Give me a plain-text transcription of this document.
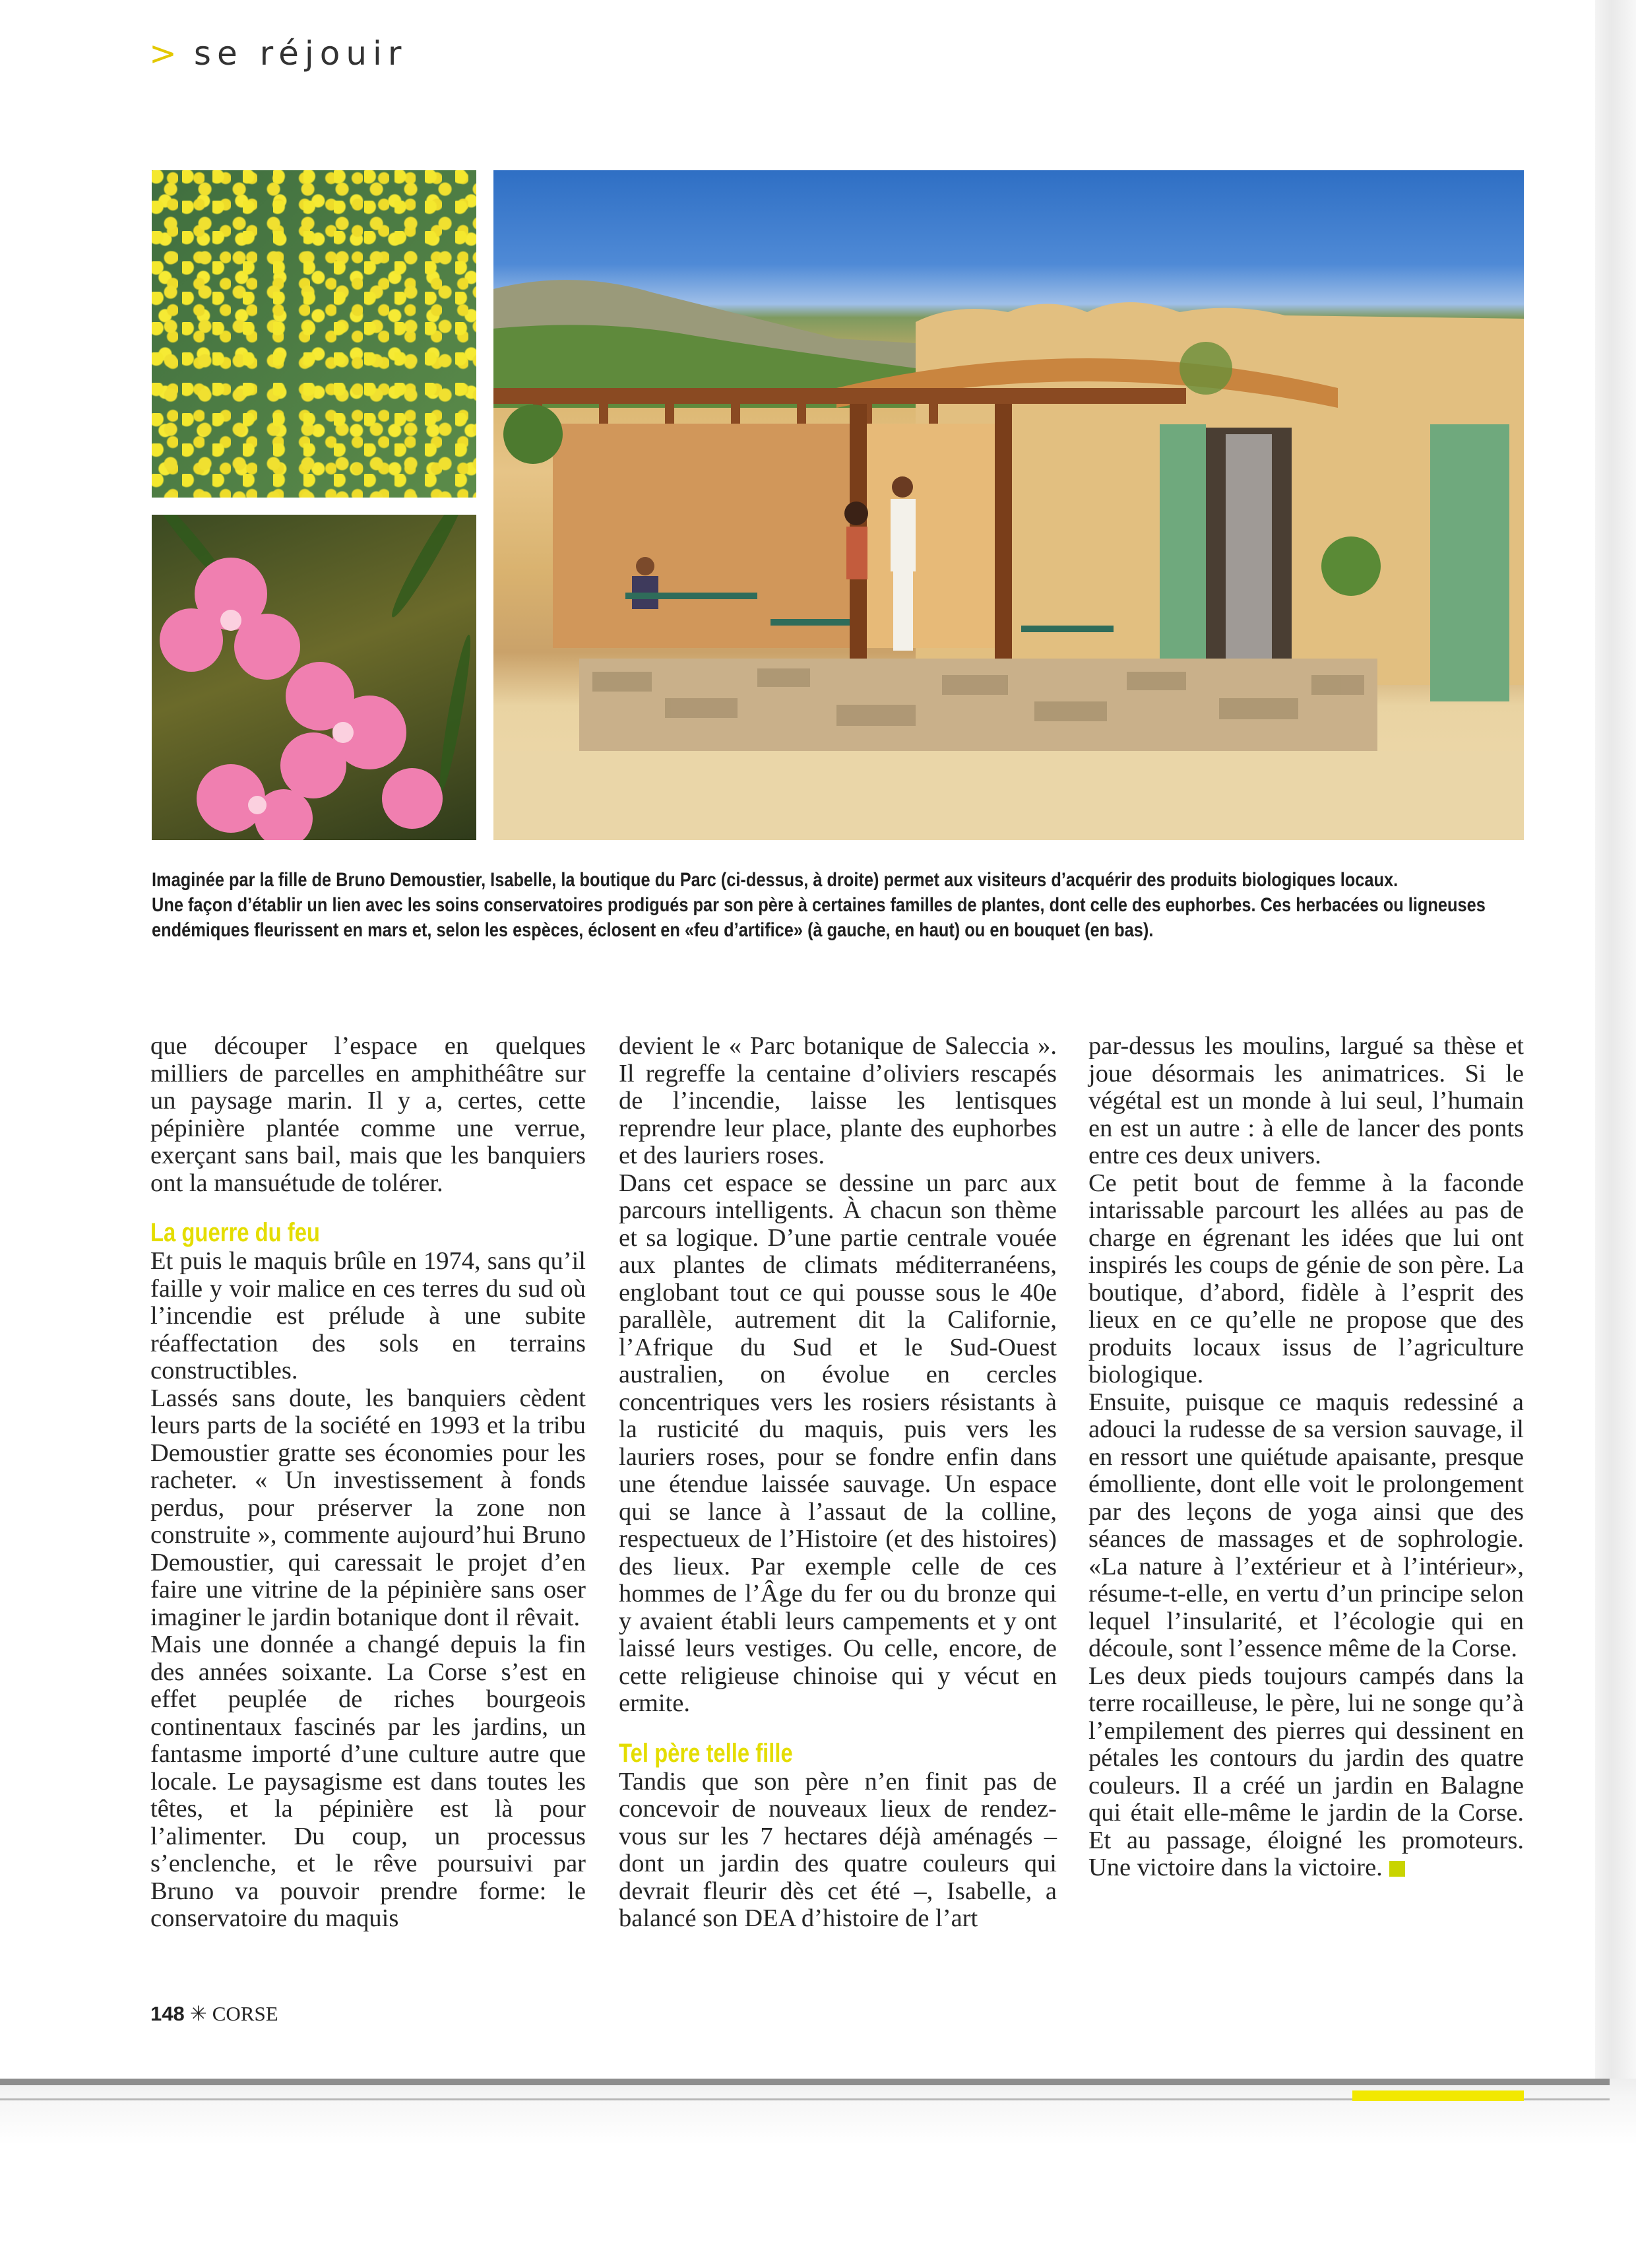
> se réjouir
Imaginée par la fille de Bruno Demoustier, Isabelle, la boutique du Parc (ci-dessus, à droite) permet aux visiteurs d’acquérir des produits biologiques locaux.
Une façon d’établir un lien avec les soins conservatoires prodigués par son père à certaines familles de plantes, dont celle des euphorbes. Ces herbacées ou ligneuses
endémiques fleurissent en mars et, selon les espèces, éclosent en «feu d’artifice» (à gauche, en haut) ou en bouquet (en bas).

que découper l’espace en quelques milliers de parcelles en amphithéâtre sur un paysage marin. Il y a, certes, cette pépinière plantée comme une verrue, exerçant sans bail, mais que les banquiers ont la mansuétude de tolérer.

La guerre du feu

Et puis le maquis brûle en 1974, sans qu’il faille y voir malice en ces terres du sud où l’incendie est prélude à une subite réaffectation des sols en terrains constructibles.

Lassés sans doute, les banquiers cèdent leurs parts de la société en 1993 et la tribu Demoustier gratte ses économies pour les racheter. « Un investissement à fonds perdus, pour préserver la zone non construite », commente aujourd’hui Bruno Demoustier, qui caressait le projet d’en faire une vitrine de la pépinière sans oser imaginer le jardin botanique dont il rêvait.

Mais une donnée a changé depuis la fin des années soixante. La Corse s’est en effet peuplée de riches bourgeois continentaux fascinés par les jardins, un fantasme importé d’une culture autre que locale. Le paysagisme est dans toutes les têtes, et la pépinière est là pour l’alimenter. Du coup, un processus s’enclenche, et le rêve poursuivi par Bruno va pouvoir prendre forme: le conservatoire du maquis

devient le « Parc botanique de Saleccia ». Il regreffe la centaine d’oliviers rescapés de l’incendie, laisse les lentisques reprendre leur place, plante des euphorbes et des lauriers roses.

Dans cet espace se dessine un parc aux parcours intelligents. À chacun son thème et sa logique. D’une partie centrale vouée aux plantes de climats méditerranéens, englobant tout ce qui pousse sous le 40e parallèle, autrement dit la Californie, l’Afrique du Sud et le Sud-Ouest australien, on évolue en cercles concentriques vers les rosiers résistants à la rusticité du maquis, puis vers les lauriers roses, pour se fondre enfin dans une étendue laissée sauvage. Un espace qui se lance à l’assaut de la colline, respectueux de l’Histoire (et des histoires) des lieux. Par exemple celle de ces hommes de l’Âge du fer ou du bronze qui y avaient établi leurs campements et y ont laissé leurs vestiges. Ou celle, encore, de cette religieuse chinoise qui y vécut en ermite.

Tel père telle fille

Tandis que son père n’en finit pas de concevoir de nouveaux lieux de rendez-vous sur les 7 hectares déjà aménagés – dont un jardin des quatre couleurs qui devrait fleurir dès cet été –, Isabelle, a balancé son DEA d’histoire de l’art

par-dessus les moulins, largué sa thèse et joue désormais les animatrices. Si le végétal est un monde à lui seul, l’humain en est un autre : à elle de lancer des ponts entre ces deux univers.

Ce petit bout de femme à la faconde intarissable parcourt les allées au pas de charge en égrenant les idées que lui ont inspirés les coups de génie de son père. La boutique, d’abord, fidèle à l’esprit des lieux en ce qu’elle ne propose que des produits locaux issus de l’agriculture biologique.

Ensuite, puisque ce maquis redessiné a adouci la rudesse de sa version sauvage, il en ressort une quiétude apaisante, presque émolliente, dont elle voit le prolongement par des leçons de yoga ainsi que des séances de massages et de sophrologie. «La nature à l’extérieur et à l’intérieur», résume-t-elle, en vertu d’un principe selon lequel l’insularité, et l’écologie qui en découle, sont l’essence même de la Corse.

Les deux pieds toujours campés dans la terre rocailleuse, le père, lui ne songe qu’à l’empilement des pierres qui dessinent en pétales les contours du jardin des quatre couleurs. Il a créé un jardin en Balagne qui était elle-même le jardin de la Corse. Et au passage, éloigné les promoteurs. Une victoire dans la victoire.

148 ✳ CORSE
